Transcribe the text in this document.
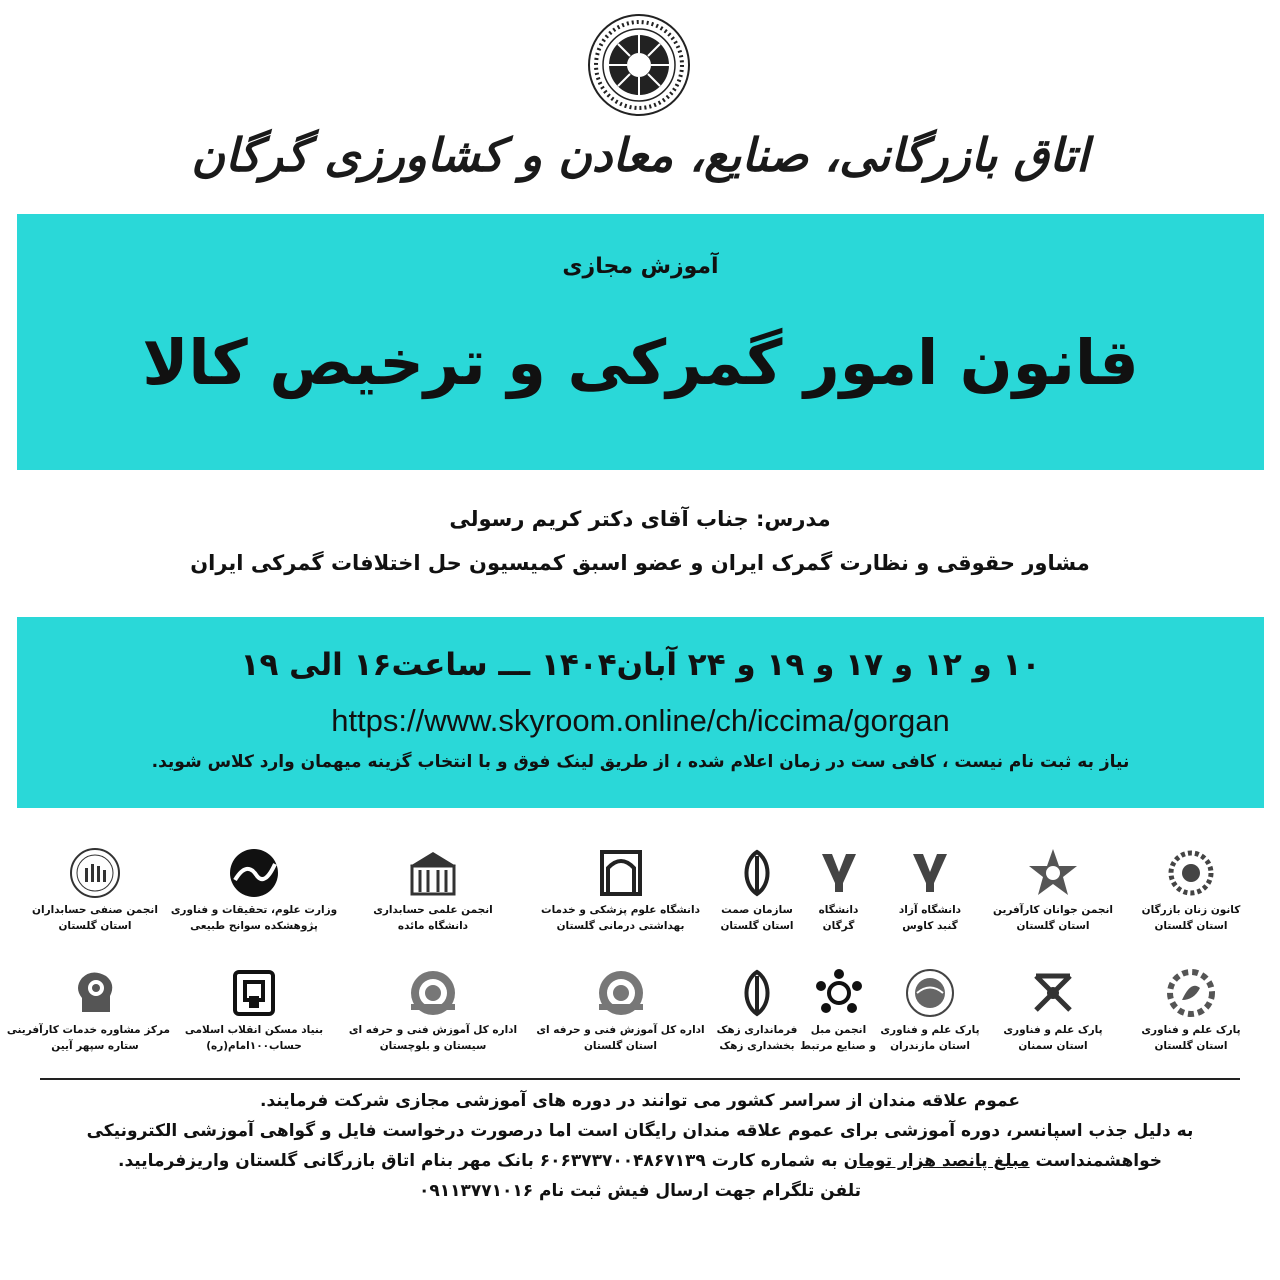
اتاق بازرگانی، صنایع، معادن و کشاورزی گرگان
آموزش مجازی
قانون امور گمرکی و ترخیص کالا
مدرس: جناب آقای دکتر کریم رسولی
مشاور حقوقی و نظارت گمرک ایران و عضو اسبق کمیسیون حل اختلافات گمرکی ایران
۱۰ و ۱۲ و ۱۷ و ۱۹ و ۲۴ آبان۱۴۰۴ ـــ ساعت۱۶ الی ۱۹
https://www.skyroom.online/ch/iccima/gorgan
نیاز به ثبت نام نیست ، کافی ست در زمان اعلام شده ، از طریق لینک فوق و با انتخاب گزینه میهمان وارد کلاس شوید.
کانون زنان بازرگان
استان گلستان
انجمن جوانان کارآفرین
استان گلستان
دانشگاه آزاد
گنبد کاوس
دانشگاه
گرگان
سازمان صمت
استان گلستان
دانشگاه علوم پزشکی و خدمات
بهداشتی درمانی گلستان
انجمن علمی حسابداری
دانشگاه مائده
وزارت علوم، تحقیقات و فناوری
پژوهشکده سوانح طبیعی
انجمن صنفی حسابداران
استان گلستان
پارک علم و فناوری
استان گلستان
پارک علم و فناوری
استان سمنان
پارک علم و فناوری
استان مازندران
انجمن مبل
و صنایع مرتبط
فرمانداری زهک
بخشداری زهک
اداره کل آموزش فنی و حرفه ای
استان گلستان
اداره کل آموزش فنی و حرفه ای
سیستان و بلوچستان
بنیاد مسکن انقلاب اسلامی
حساب۱۰۰امام(ره)
مرکز مشاوره خدمات کارآفرینی
ستاره سپهر آیین
عموم علاقه مندان از سراسر کشور می توانند در دوره های آموزشی مجازی شرکت فرمایند.
به دلیل جذب اسپانسر، دوره آموزشی برای عموم علاقه مندان رایگان است اما درصورت درخواست فایل و گواهی آموزشی الکترونیکی
خواهشمنداست مبلغ پانصد هزار تومان به شماره کارت ۶۰۶۳۷۳۷۰۰۴۸۶۷۱۳۹ بانک مهر بنام اتاق بازرگانی گلستان واریزفرمایید.
تلفن تلگرام جهت ارسال فیش ثبت نام ۰۹۱۱۳۷۷۱۰۱۶
